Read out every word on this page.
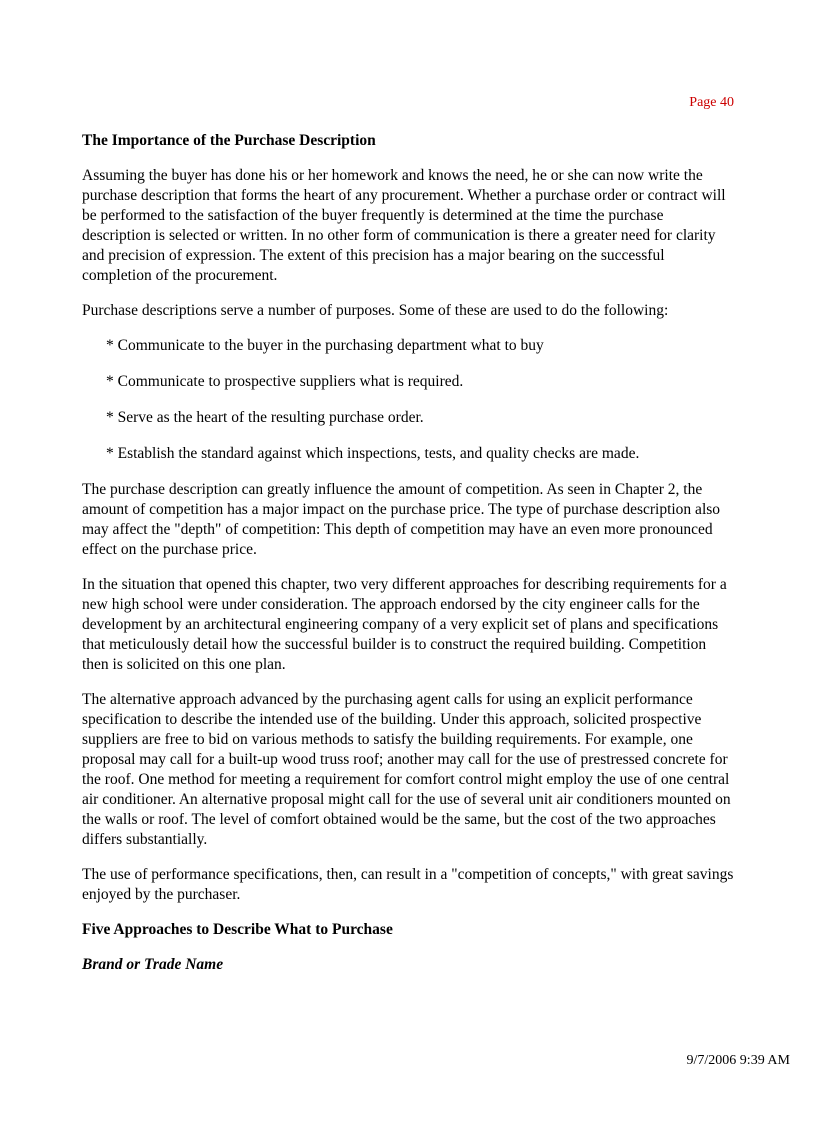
Page 40
The Importance of the Purchase Description

Assuming the buyer has done his or her homework and knows the need, he or she can now write the purchase description that forms the heart of any procurement. Whether a purchase order or contract will be performed to the satisfaction of the buyer frequently is determined at the time the purchase description is selected or written. In no other form of communication is there a greater need for clarity and precision of expression. The extent of this precision has a major bearing on the successful completion of the procurement.

Purchase descriptions serve a number of purposes. Some of these are used to do the following:

* Communicate to the buyer in the purchasing department what to buy
* Communicate to prospective suppliers what is required.
* Serve as the heart of the resulting purchase order.
* Establish the standard against which inspections, tests, and quality checks are made.

The purchase description can greatly influence the amount of competition. As seen in Chapter 2, the amount of competition has a major impact on the purchase price. The type of purchase description also may affect the "depth" of competition: This depth of competition may have an even more pronounced effect on the purchase price.

In the situation that opened this chapter, two very different approaches for describing requirements for a new high school were under consideration. The approach endorsed by the city engineer calls for the development by an architectural engineering company of a very explicit set of plans and specifications that meticulously detail how the successful builder is to construct the required building. Competition then is solicited on this one plan.

The alternative approach advanced by the purchasing agent calls for using an explicit performance specification to describe the intended use of the building. Under this approach, solicited prospective suppliers are free to bid on various methods to satisfy the building requirements. For example, one proposal may call for a built-up wood truss roof; another may call for the use of prestressed concrete for the roof. One method for meeting a requirement for comfort control might employ the use of one central air conditioner. An alternative proposal might call for the use of several unit air conditioners mounted on the walls or roof. The level of comfort obtained would be the same, but the cost of the two approaches differs substantially.

The use of performance specifications, then, can result in a "competition of concepts," with great savings enjoyed by the purchaser.

Five Approaches to Describe What to Purchase
Brand or Trade Name
9/7/2006 9:39 AM
